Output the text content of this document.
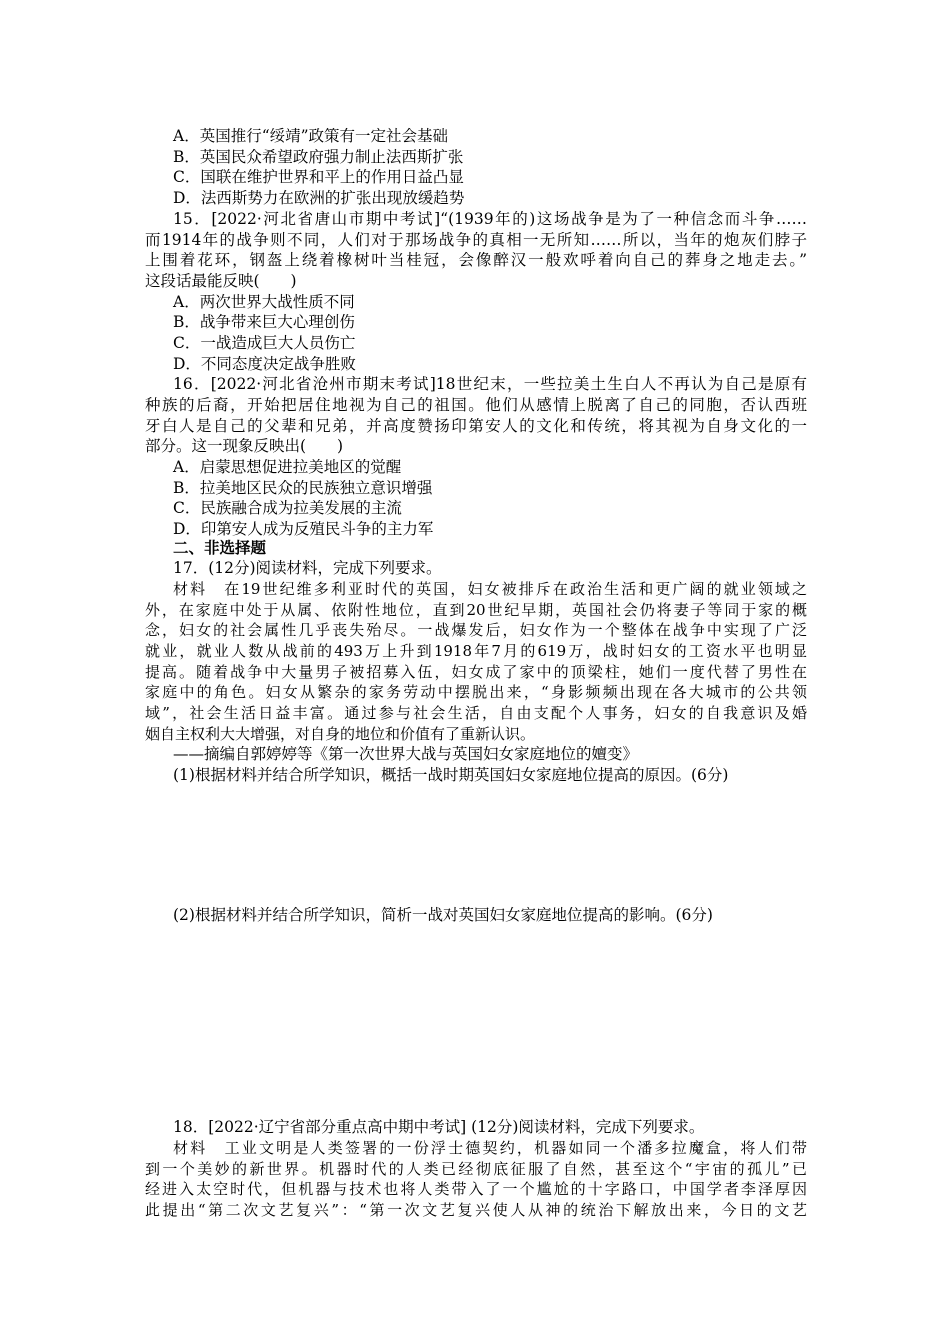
A．英国推行“绥靖”政策有一定社会基础
B．英国民众希望政府强力制止法西斯扩张
C．国联在维护世界和平上的作用日益凸显
D．法西斯势力在欧洲的扩张出现放缓趋势
15．[2022·河北省唐山市期中考试]“(1939年的)这场战争是为了一种信念而斗争……
而1914年的战争则不同，人们对于那场战争的真相一无所知……所以，当年的炮灰们脖子
上围着花环，钢盔上绕着橡树叶当桂冠，会像醉汉一般欢呼着向自己的葬身之地走去。”
这段话最能反映(　　)
A．两次世界大战性质不同
B．战争带来巨大心理创伤
C．一战造成巨大人员伤亡
D．不同态度决定战争胜败
16．[2022·河北省沧州市期末考试]18世纪末，一些拉美土生白人不再认为自己是原有
种族的后裔，开始把居住地视为自己的祖国。他们从感情上脱离了自己的同胞，否认西班
牙白人是自己的父辈和兄弟，并高度赞扬印第安人的文化和传统，将其视为自身文化的一
部分。这一现象反映出(　　)
A．启蒙思想促进拉美地区的觉醒
B．拉美地区民众的民族独立意识增强
C．民族融合成为拉美发展的主流
D．印第安人成为反殖民斗争的主力军
二、非选择题
17．(12分)阅读材料，完成下列要求。
材料　在19世纪维多利亚时代的英国，妇女被排斥在政治生活和更广阔的就业领域之
外，在家庭中处于从属、依附性地位，直到20世纪早期，英国社会仍将妻子等同于家的概
念，妇女的社会属性几乎丧失殆尽。一战爆发后，妇女作为一个整体在战争中实现了广泛
就业，就业人数从战前的493万上升到1918年7月的619万，战时妇女的工资水平也明显
提高。随着战争中大量男子被招募入伍，妇女成了家中的顶梁柱，她们一度代替了男性在
家庭中的角色。妇女从繁杂的家务劳动中摆脱出来，“身影频频出现在各大城市的公共领
域”，社会生活日益丰富。通过参与社会生活，自由支配个人事务，妇女的自我意识及婚
姻自主权利大大增强，对自身的地位和价值有了重新认识。
——摘编自郭婷婷等《第一次世界大战与英国妇女家庭地位的嬗变》
(1)根据材料并结合所学知识，概括一战时期英国妇女家庭地位提高的原因。(6分)
(2)根据材料并结合所学知识，简析一战对英国妇女家庭地位提高的影响。(6分)
18．[2022·辽宁省部分重点高中期中考试] (12分)阅读材料，完成下列要求。
材料　工业文明是人类签署的一份浮士德契约，机器如同一个潘多拉魔盒，将人们带
到一个美妙的新世界。机器时代的人类已经彻底征服了自然，甚至这个“宇宙的孤儿”已
经进入太空时代，但机器与技术也将人类带入了一个尴尬的十字路口，中国学者李泽厚因
此提出“第二次文艺复兴”：“第一次文艺复兴使人从神的统治下解放出来，今日的文艺
